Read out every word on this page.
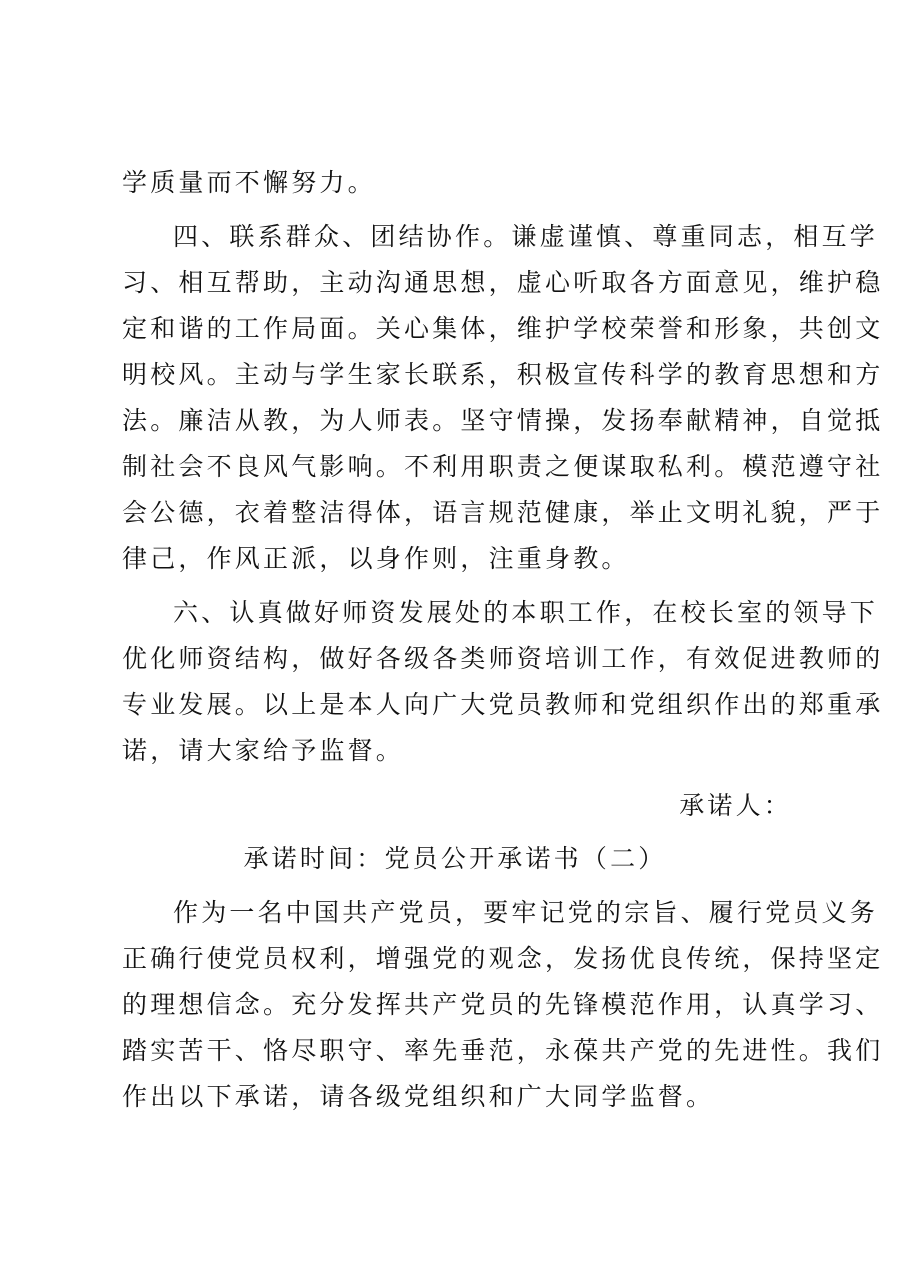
学质量而不懈努力。
四、联系群众、团结协作。谦虚谨慎、尊重同志，相互学
习、相互帮助，主动沟通思想，虚心听取各方面意见，维护稳
定和谐的工作局面。关心集体，维护学校荣誉和形象，共创文
明校风。主动与学生家长联系，积极宣传科学的教育思想和方
法。廉洁从教，为人师表。坚守情操，发扬奉献精神，自觉抵
制社会不良风气影响。不利用职责之便谋取私利。模范遵守社
会公德，衣着整洁得体，语言规范健康，举止文明礼貌，严于
律己，作风正派，以身作则，注重身教。
六、认真做好师资发展处的本职工作，在校长室的领导下
优化师资结构，做好各级各类师资培训工作，有效促进教师的
专业发展。以上是本人向广大党员教师和党组织作出的郑重承
诺，请大家给予监督。
承诺人：
承诺时间：党员公开承诺书（二）
作为一名中国共产党员，要牢记党的宗旨、履行党员义务
正确行使党员权利，增强党的观念，发扬优良传统，保持坚定
的理想信念。充分发挥共产党员的先锋模范作用，认真学习、
踏实苦干、恪尽职守、率先垂范，永葆共产党的先进性。我们
作出以下承诺，请各级党组织和广大同学监督。
